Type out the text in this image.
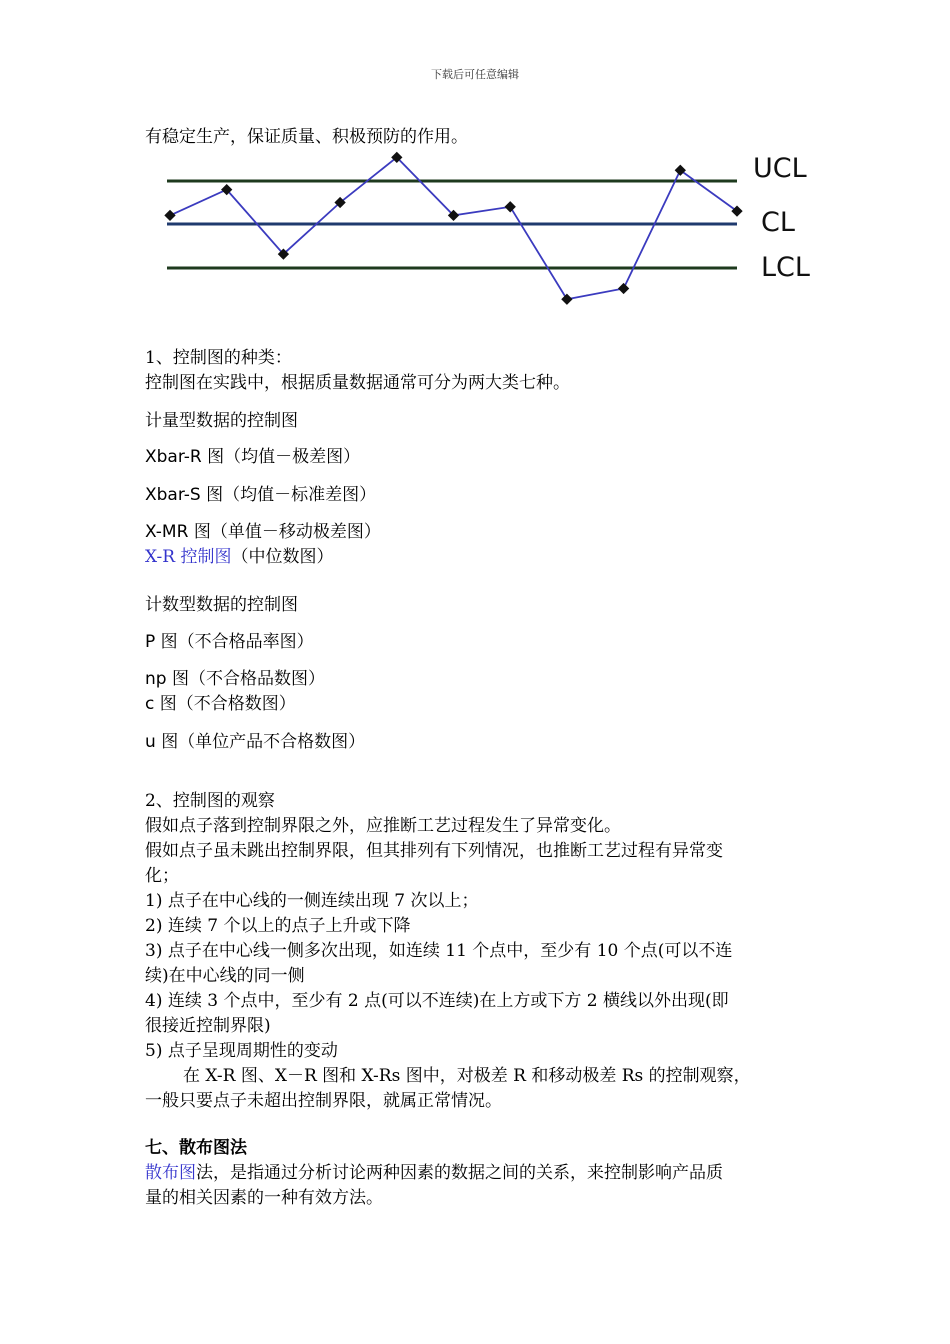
下载后可任意编辑
有稳定生产，保证质量、积极预防的作用。
UCL
CL
LCL
1、控制图的种类：
控制图在实践中，根据质量数据通常可分为两大类七种。
计量型数据的控制图
Xbar-R 图（均值－极差图）
Xbar-S 图（均值－标准差图）
X-MR 图（单值－移动极差图）
X-R 控制图（中位数图）
计数型数据的控制图
P 图（不合格品率图）
np 图（不合格品数图）
c 图（不合格数图）
u 图（单位产品不合格数图）
2、控制图的观察
假如点子落到控制界限之外，应推断工艺过程发生了异常变化。
假如点子虽未跳出控制界限，但其排列有下列情况，也推断工艺过程有异常变
化；
1) 点子在中心线的一侧连续出现 7 次以上；
2) 连续 7 个以上的点子上升或下降
3) 点子在中心线一侧多次出现，如连续 11 个点中，至少有 10 个点(可以不连
续)在中心线的同一侧
4) 连续 3 个点中，至少有 2 点(可以不连续)在上方或下方 2 横线以外出现(即
很接近控制界限)
5) 点子呈现周期性的变动
在 X-R 图、X－R 图和 X-Rs 图中，对极差 R 和移动极差 Rs 的控制观察，
一般只要点子未超出控制界限，就属正常情况。
七、散布图法
散布图法，是指通过分析讨论两种因素的数据之间的关系，来控制影响产品质
量的相关因素的一种有效方法。
